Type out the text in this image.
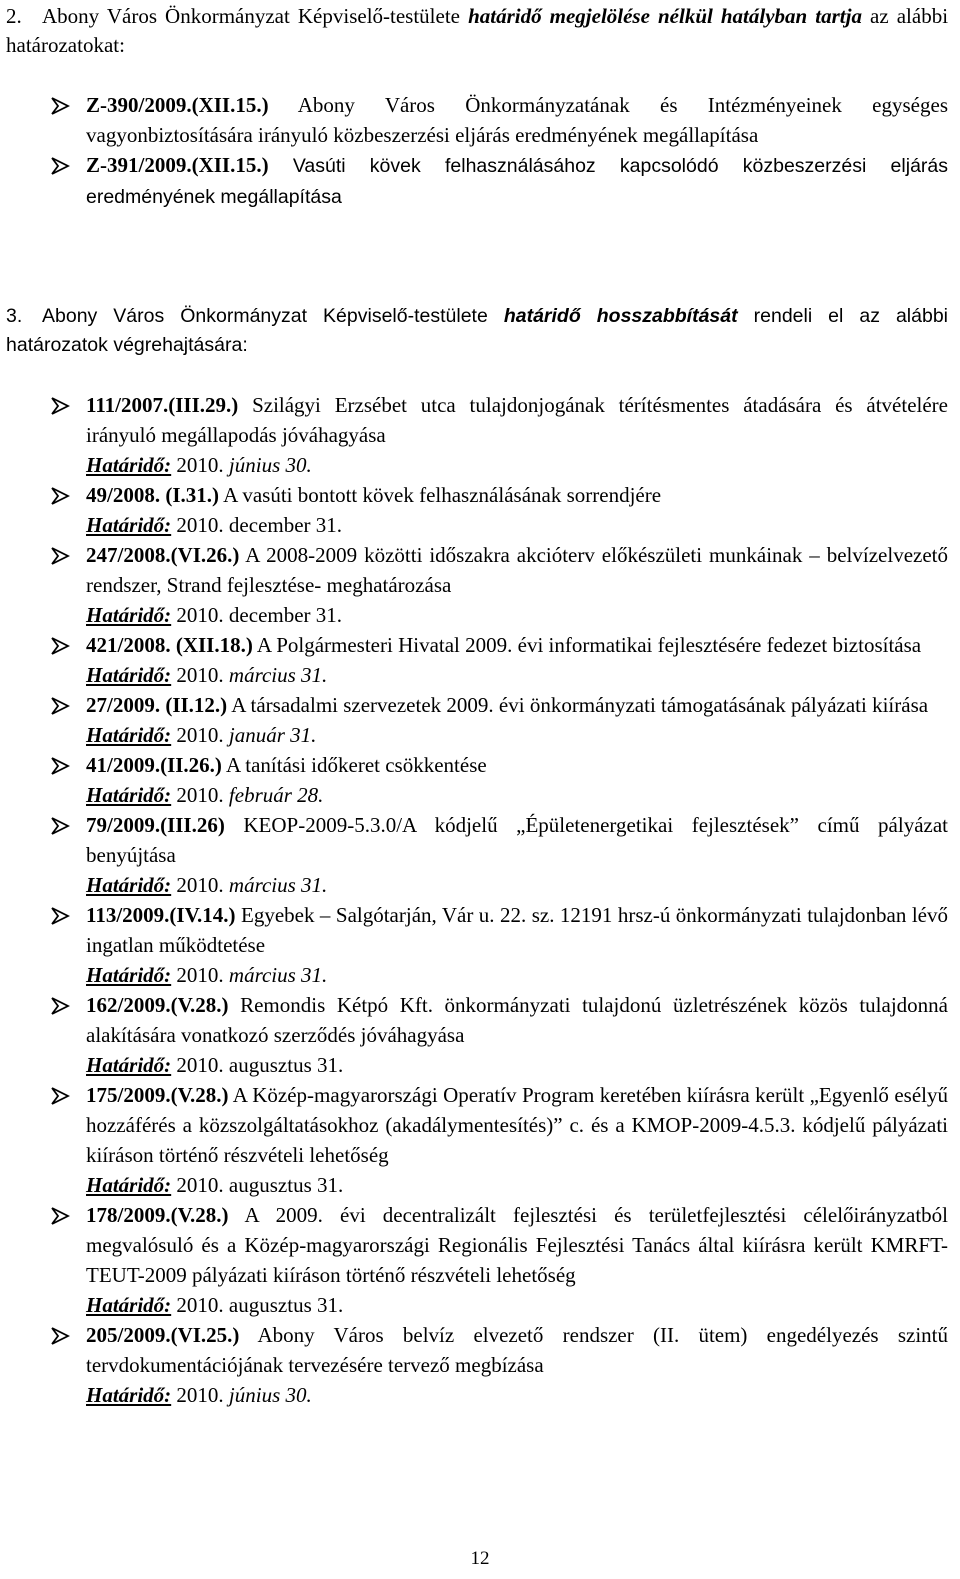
2. Abony Város Önkormányzat Képviselő-testülete határidő megjelölése nélkül hatályban tartja az alábbi határozatokat:
Z-390/2009.(XII.15.) Abony Város Önkormányzatának és Intézményeinek egységes vagyonbiztosítására irányuló közbeszerzési eljárás eredményének megállapítása
Z-391/2009.(XII.15.) Vasúti kövek felhasználásához kapcsolódó közbeszerzési eljárás eredményének megállapítása
3. Abony Város Önkormányzat Képviselő-testülete határidő hosszabbítását rendeli el az alábbi határozatok végrehajtására:
111/2007.(III.29.) Szilágyi Erzsébet utca tulajdonjogának térítésmentes átadására és átvételére irányuló megállapodás jóváhagyása
Határidő: 2010. június 30.
49/2008. (I.31.) A vasúti bontott kövek felhasználásának sorrendjére
Határidő: 2010. december 31.
247/2008.(VI.26.) A 2008-2009 közötti időszakra akcióterv előkészületi munkáinak – belvízelvezető rendszer, Strand fejlesztése- meghatározása
Határidő: 2010. december 31.
421/2008. (XII.18.) A Polgármesteri Hivatal 2009. évi informatikai fejlesztésére fedezet biztosítása
Határidő: 2010. március 31.
27/2009. (II.12.) A társadalmi szervezetek 2009. évi önkormányzati támogatásának pályázati kiírása
Határidő: 2010. január 31.
41/2009.(II.26.) A tanítási időkeret csökkentése
Határidő: 2010. február 28.
79/2009.(III.26) KEOP-2009-5.3.0/A kódjelű „Épületenergetikai fejlesztések” című pályázat benyújtása
Határidő: 2010. március 31.
113/2009.(IV.14.) Egyebek – Salgótarján, Vár u. 22. sz. 12191 hrsz-ú önkormányzati tulajdonban lévő ingatlan működtetése
Határidő: 2010. március 31.
162/2009.(V.28.) Remondis Kétpó Kft. önkormányzati tulajdonú üzletrészének közös tulajdonná alakítására vonatkozó szerződés jóváhagyása
Határidő: 2010. augusztus 31.
175/2009.(V.28.) A Közép-magyarországi Operatív Program keretében kiírásra került „Egyenlő esélyű hozzáférés a közszolgáltatásokhoz (akadálymentesítés)” c. és a KMOP-2009-4.5.3. kódjelű pályázati kiíráson történő részvételi lehetőség
Határidő: 2010. augusztus 31.
178/2009.(V.28.) A 2009. évi decentralizált fejlesztési és területfejlesztési célelőirányzatból megvalósuló és a Közép-magyarországi Regionális Fejlesztési Tanács által kiírásra került KMRFT-TEUT-2009 pályázati kiíráson történő részvételi lehetőség
Határidő: 2010. augusztus 31.
205/2009.(VI.25.) Abony Város belvíz elvezető rendszer (II. ütem) engedélyezés szintű tervdokumentációjának tervezésére tervező megbízása
Határidő: 2010. június 30.
12
